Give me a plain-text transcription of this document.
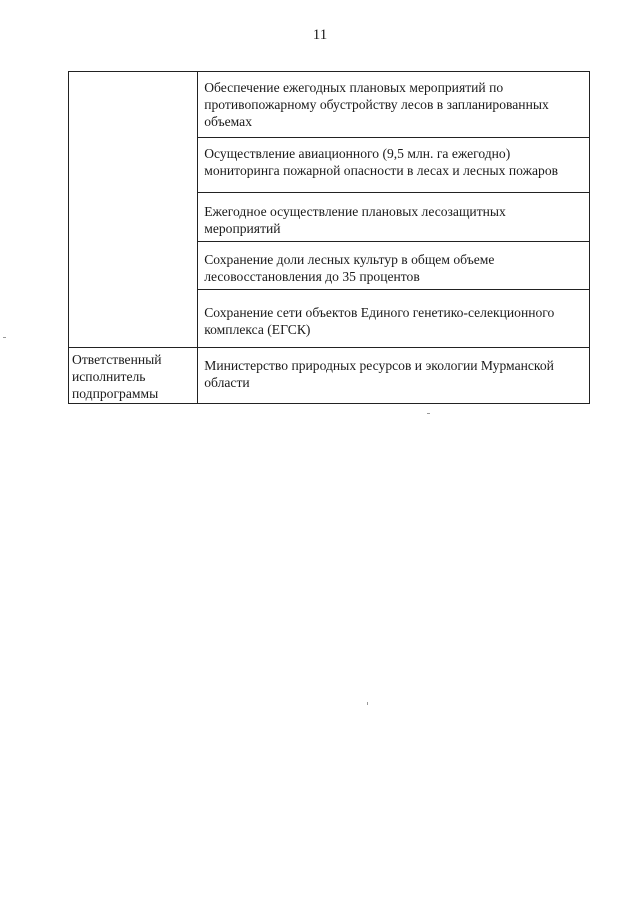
11

	Обеспечение ежегодных плановых мероприятий по противопожарному обустройству лесов в запланированных объемах

	Осуществление авиационного (9,5 млн. га ежегодно) мониторинга пожарной опасности в лесах и лесных пожаров

	Ежегодное осуществление плановых лесозащитных мероприятий

	Сохранение доли лесных культур в общем объеме лесовосстановления до 35 процентов

	Сохранение сети объектов Единого генетико-селекционного комплекса (ЕГСК)

Ответственный исполнитель подпрограммы	Министерство природных ресурсов и экологии Мурманской области
